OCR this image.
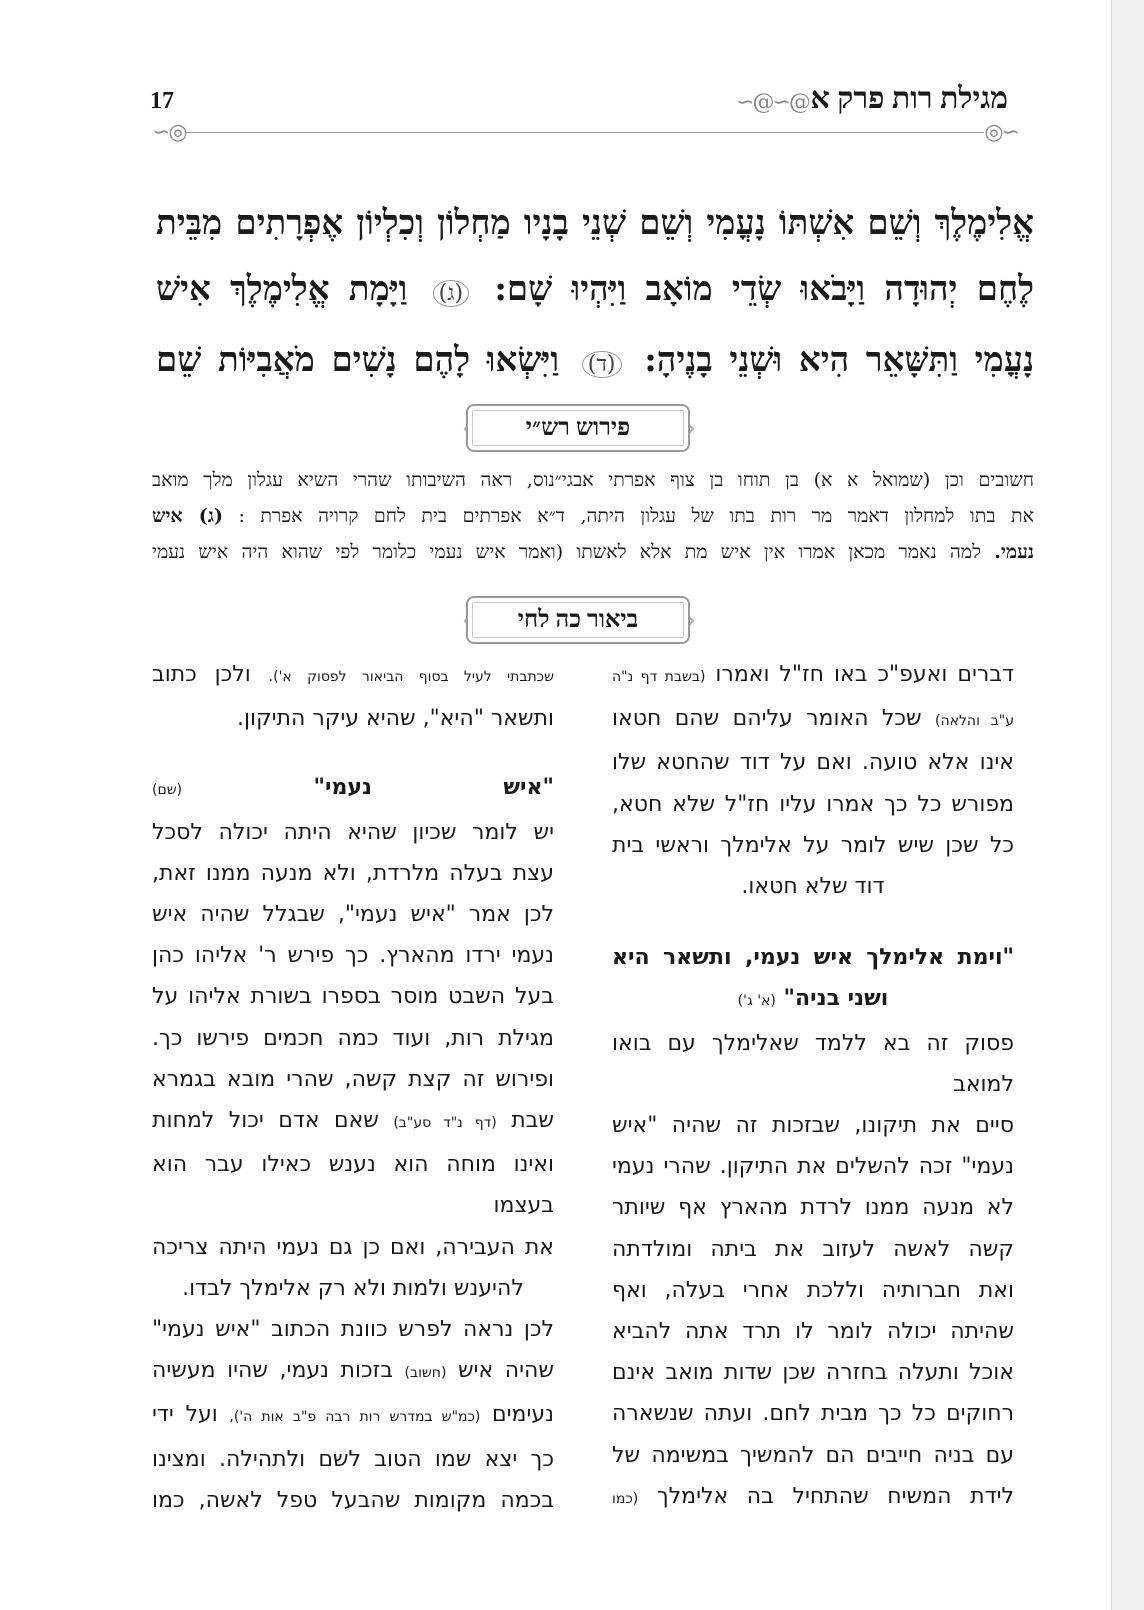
17	מגילת רות פרק א
∽@∽@
∽◎	◎∽
אֱלִימֶלֶךְ וְשֵׁם אִשְׁתּוֹ נָעֳמִי וְשֵׁם שְׁנֵי בָנָיו מַחְלוֹן וְכִלְיוֹן אֶפְרָתִים מִבֵּית
לֶחֶם יְהוּדָה וַיָּבֹאוּ שְׂדֵי מוֹאָב וַיִּהְיוּ שָׁם: (ג) וַיָּמָת אֱלִימֶלֶךְ אִישׁ
נָעֳמִי וַתִּשָּׁאֵר הִיא וּשְׁנֵי בָנֶיהָ: (ד) וַיִּשְׂאוּ לָהֶם נָשִׁים מֹאֲבִיּוֹת שֵׁם
פירוש רש״י
חשובים וכן (שמואל א א) בן תוחו בן צוף אפרתי אבגי״נוס, ראה השיבותו שהרי השיא עגלון מלך מואב
את בתו למחלון דאמר מר רות בתו של עגלון היתה, ד״א אפרתים בית לחם קרויה אפרת : (ג) איש
נעמי. למה נאמר מכאן אמרו אין איש מת אלא לאשתו (ואמר איש נעמי כלומר לפי שהוא היה איש נעמי
ביאור כה לחי

דברים ואעפ"כ באו חז"ל ואמרו (בשבת דף נ"ה

ע"ב והלאה) שכל האומר עליהם שהם חטאו

אינו אלא טועה. ואם על דוד שהחטא שלו

מפורש כל כך אמרו עליו חז"ל שלא חטא,

כל שכן שיש לומר על אלימלך וראשי בית

דוד שלא חטאו.

"וימת אלימלך איש נעמי, ותשאר היא

ושני בניה" (א' ג')

פסוק זה בא ללמד שאלימלך עם בואו למואב

סיים את תיקונו, שבזכות זה שהיה "איש

נעמי" זכה להשלים את התיקון. שהרי נעמי

לא מנעה ממנו לרדת מהארץ אף שיותר

קשה לאשה לעזוב את ביתה ומולדתה

ואת חברותיה וללכת אחרי בעלה, ואף

שהיתה יכולה לומר לו תרד אתה להביא

אוכל ותעלה בחזרה שכן שדות מואב אינם

רחוקים כל כך מבית לחם. ועתה שנשארה

עם בניה חייבים הם להמשיך במשימה של

לידת המשיח שהתחיל בה אלימלך (כמו

שכתבתי לעיל בסוף הביאור לפסוק א'). ולכן כתוב

ותשאר "היא", שהיא עיקר התיקון.

"איש נעמי" (שם)

יש לומר שכיון שהיא היתה יכולה לסכל

עצת בעלה מלרדת, ולא מנעה ממנו זאת,

לכן אמר "איש נעמי", שבגלל שהיה איש

נעמי ירדו מהארץ. כך פירש ר' אליהו כהן

בעל השבט מוסר בספרו בשורת אליהו על

מגילת רות, ועוד כמה חכמים פירשו כך.

ופירוש זה קצת קשה, שהרי מובא בגמרא

שבת (דף נ"ד סע"ב) שאם אדם יכול למחות

ואינו מוחה הוא נענש כאילו עבר הוא בעצמו

את העבירה, ואם כן גם נעמי היתה צריכה

להיענש ולמות ולא רק אלימלך לבדו.

לכן נראה לפרש כוונת הכתוב "איש נעמי"

שהיה איש (חשוב) בזכות נעמי, שהיו מעשיה

נעימים (כמ"ש במדרש רות רבה פ"ב אות ה'), ועל ידי

כך יצא שמו הטוב לשם ולתהילה. ומצינו

בכמה מקומות שהבעל טפל לאשה, כמו
